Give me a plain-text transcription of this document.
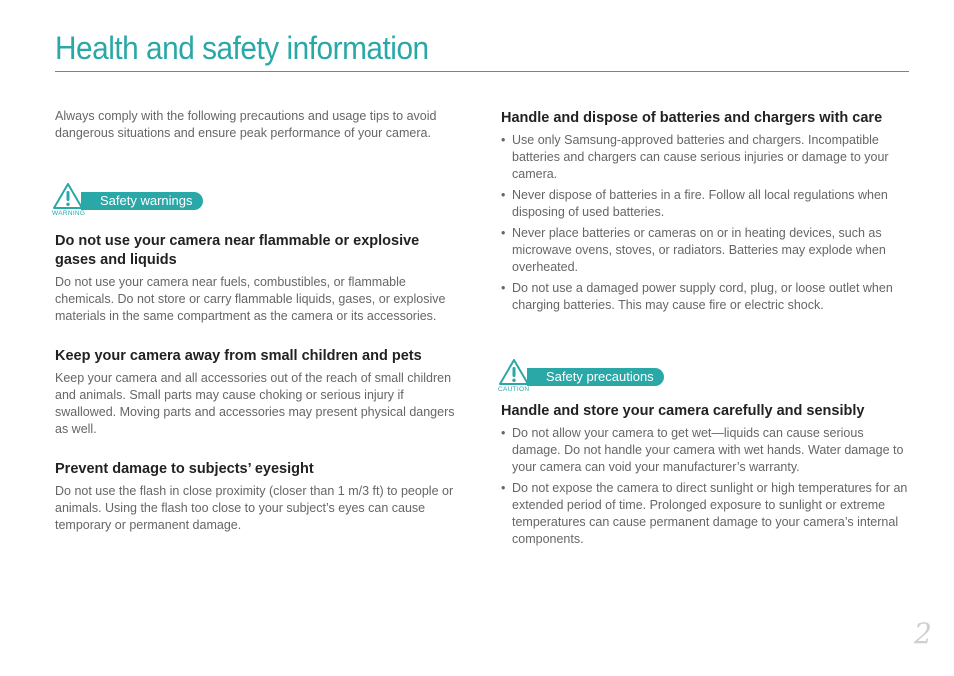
Health and safety information

Always comply with the following precautions and usage tips to avoid dangerous situations and ensure peak performance of your camera.

WARNING
Safety warnings
Do not use your camera near flammable or explosive gases and liquids

Do not use your camera near fuels, combustibles, or flammable chemicals. Do not store or carry flammable liquids, gases, or explosive materials in the same compartment as the camera or its accessories.

Keep your camera away from small children and pets

Keep your camera and all accessories out of the reach of small children and animals. Small parts may cause choking or serious injury if swallowed. Moving parts and accessories may present physical dangers as well.

Prevent damage to subjects’ eyesight

Do not use the flash in close proximity (closer than 1 m/3 ft) to people or animals. Using the flash too close to your subject’s eyes can cause temporary or permanent damage.

Handle and dispose of batteries and chargers with care
• Use only Samsung-approved batteries and chargers. Incompatible batteries and chargers can cause serious injuries or damage to your camera.
• Never dispose of batteries in a fire. Follow all local regulations when disposing of used batteries.
• Never place batteries or cameras on or in heating devices, such as microwave ovens, stoves, or radiators. Batteries may explode when overheated.
• Do not use a damaged power supply cord, plug, or loose outlet when charging batteries. This may cause fire or electric shock.
CAUTION
Safety precautions
Handle and store your camera carefully and sensibly
• Do not allow your camera to get wet—liquids can cause serious damage. Do not handle your camera with wet hands. Water damage to your camera can void your manufacturer’s warranty.
• Do not expose the camera to direct sunlight or high temperatures for an extended period of time. Prolonged exposure to sunlight or extreme temperatures can cause permanent damage to your camera’s internal components.
2
